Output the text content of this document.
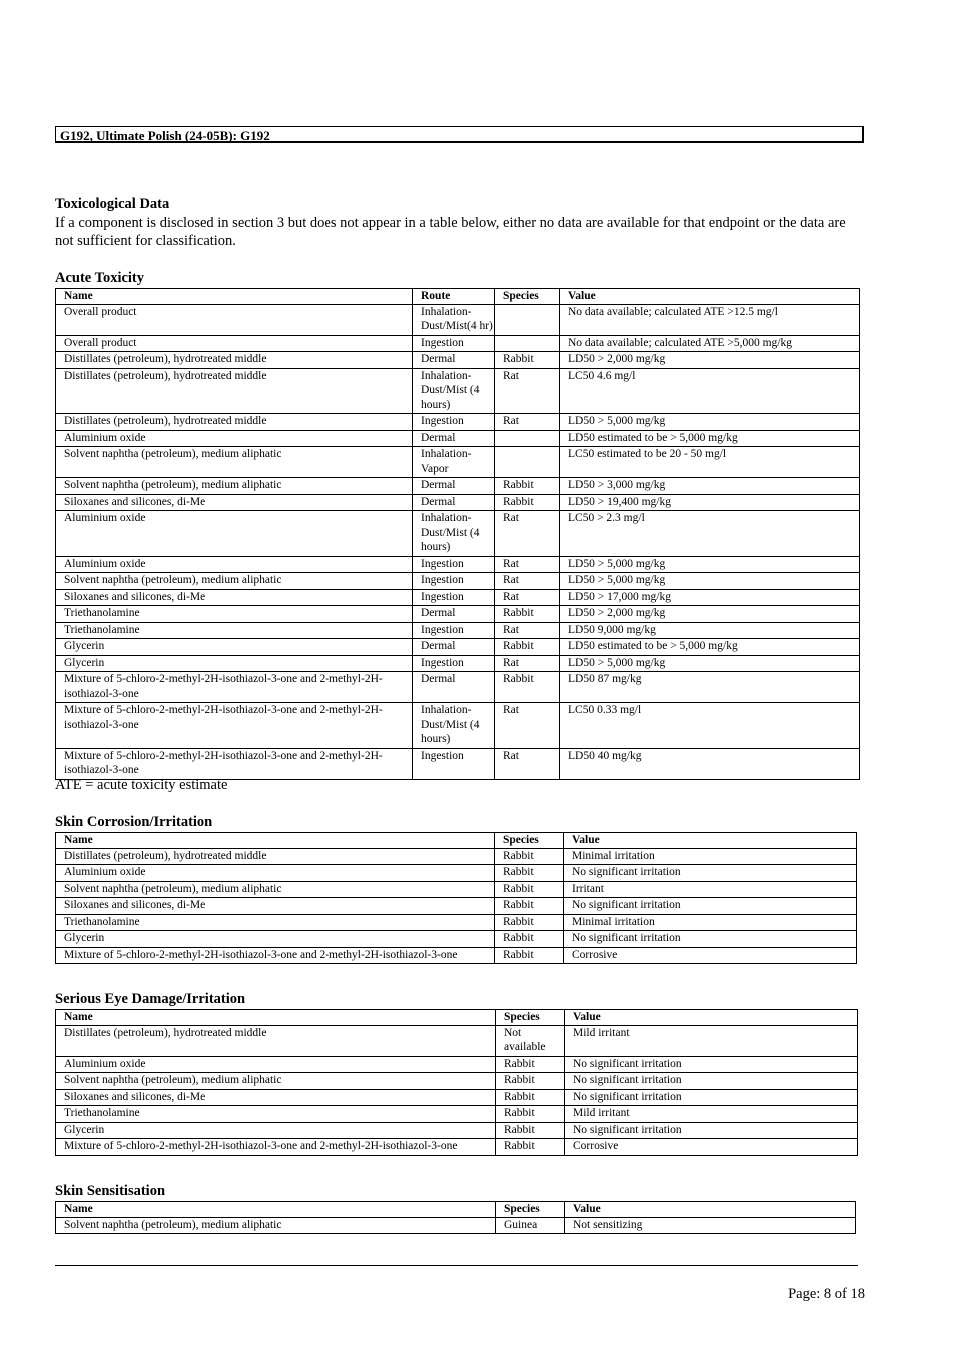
G192, Ultimate Polish (24-05B): G192
Toxicological Data
If a component is disclosed in section 3 but does not appear in a table below, either no data are available for that endpoint or the data are not sufficient for classification.
Acute Toxicity
Name	Route	Species	Value
Overall product	Inhalation-Dust/Mist(4 hr)		No data available; calculated ATE >12.5 mg/l
Overall product	Ingestion		No data available; calculated ATE >5,000 mg/kg
Distillates (petroleum), hydrotreated middle	Dermal	Rabbit	LD50 > 2,000 mg/kg
Distillates (petroleum), hydrotreated middle	Inhalation-Dust/Mist (4 hours)	Rat	LC50 4.6 mg/l
Distillates (petroleum), hydrotreated middle	Ingestion	Rat	LD50 > 5,000 mg/kg
Aluminium oxide	Dermal		LD50 estimated to be > 5,000 mg/kg
Solvent naphtha (petroleum), medium aliphatic	Inhalation-Vapor		LC50 estimated to be 20 - 50 mg/l
Solvent naphtha (petroleum), medium aliphatic	Dermal	Rabbit	LD50 > 3,000 mg/kg
Siloxanes and silicones, di-Me	Dermal	Rabbit	LD50 > 19,400 mg/kg
Aluminium oxide	Inhalation-Dust/Mist (4 hours)	Rat	LC50 > 2.3 mg/l
Aluminium oxide	Ingestion	Rat	LD50 > 5,000 mg/kg
Solvent naphtha (petroleum), medium aliphatic	Ingestion	Rat	LD50 > 5,000 mg/kg
Siloxanes and silicones, di-Me	Ingestion	Rat	LD50 > 17,000 mg/kg
Triethanolamine	Dermal	Rabbit	LD50 > 2,000 mg/kg
Triethanolamine	Ingestion	Rat	LD50 9,000 mg/kg
Glycerin	Dermal	Rabbit	LD50 estimated to be > 5,000 mg/kg
Glycerin	Ingestion	Rat	LD50 > 5,000 mg/kg
Mixture of 5-chloro-2-methyl-2H-isothiazol-3-one and 2-methyl-2H-isothiazol-3-one	Dermal	Rabbit	LD50 87 mg/kg
Mixture of 5-chloro-2-methyl-2H-isothiazol-3-one and 2-methyl-2H-isothiazol-3-one	Inhalation-Dust/Mist (4 hours)	Rat	LC50 0.33 mg/l
Mixture of 5-chloro-2-methyl-2H-isothiazol-3-one and 2-methyl-2H-isothiazol-3-one	Ingestion	Rat	LD50 40 mg/kg
ATE = acute toxicity estimate
Skin Corrosion/Irritation
Name	Species	Value
Distillates (petroleum), hydrotreated middle	Rabbit	Minimal irritation
Aluminium oxide	Rabbit	No significant irritation
Solvent naphtha (petroleum), medium aliphatic	Rabbit	Irritant
Siloxanes and silicones, di-Me	Rabbit	No significant irritation
Triethanolamine	Rabbit	Minimal irritation
Glycerin	Rabbit	No significant irritation
Mixture of 5-chloro-2-methyl-2H-isothiazol-3-one and 2-methyl-2H-isothiazol-3-one	Rabbit	Corrosive
Serious Eye Damage/Irritation
Name	Species	Value
Distillates (petroleum), hydrotreated middle	Not available	Mild irritant
Aluminium oxide	Rabbit	No significant irritation
Solvent naphtha (petroleum), medium aliphatic	Rabbit	No significant irritation
Siloxanes and silicones, di-Me	Rabbit	No significant irritation
Triethanolamine	Rabbit	Mild irritant
Glycerin	Rabbit	No significant irritation
Mixture of 5-chloro-2-methyl-2H-isothiazol-3-one and 2-methyl-2H-isothiazol-3-one	Rabbit	Corrosive
Skin Sensitisation
Name	Species	Value
Solvent naphtha (petroleum), medium aliphatic	Guinea	Not sensitizing
Page: 8 of 18
